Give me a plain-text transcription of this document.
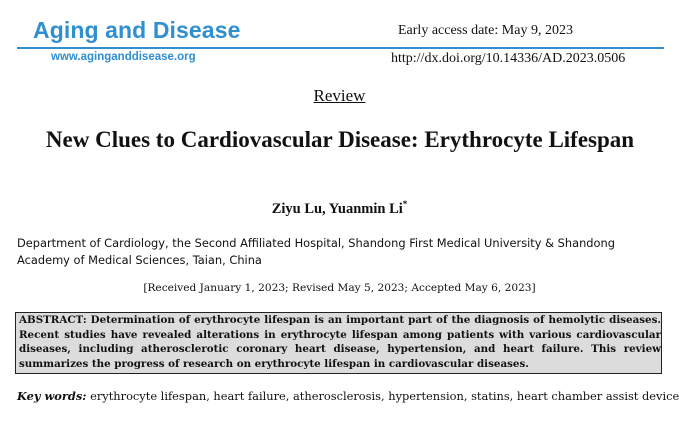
Aging and Disease
www.aginganddisease.org
Early access date: May 9, 2023
http://dx.doi.org/10.14336/AD.2023.0506
Review
New Clues to Cardiovascular Disease: Erythrocyte Lifespan
Ziyu Lu, Yuanmin Li*
Department of Cardiology, the Second Affiliated Hospital, Shandong First Medical University & Shandong Academy of Medical Sciences, Taian, China
[Received January 1, 2023; Revised May 5, 2023; Accepted May 6, 2023]
ABSTRACT: Determination of erythrocyte lifespan is an important part of the diagnosis of hemolytic diseases. Recent studies have revealed alterations in erythrocyte lifespan among patients with various cardiovascular diseases, including atherosclerotic coronary heart disease, hypertension, and heart failure. This review summarizes the progress of research on erythrocyte lifespan in cardiovascular diseases.
Key words: erythrocyte lifespan, heart failure, atherosclerosis, hypertension, statins, heart chamber assist device
